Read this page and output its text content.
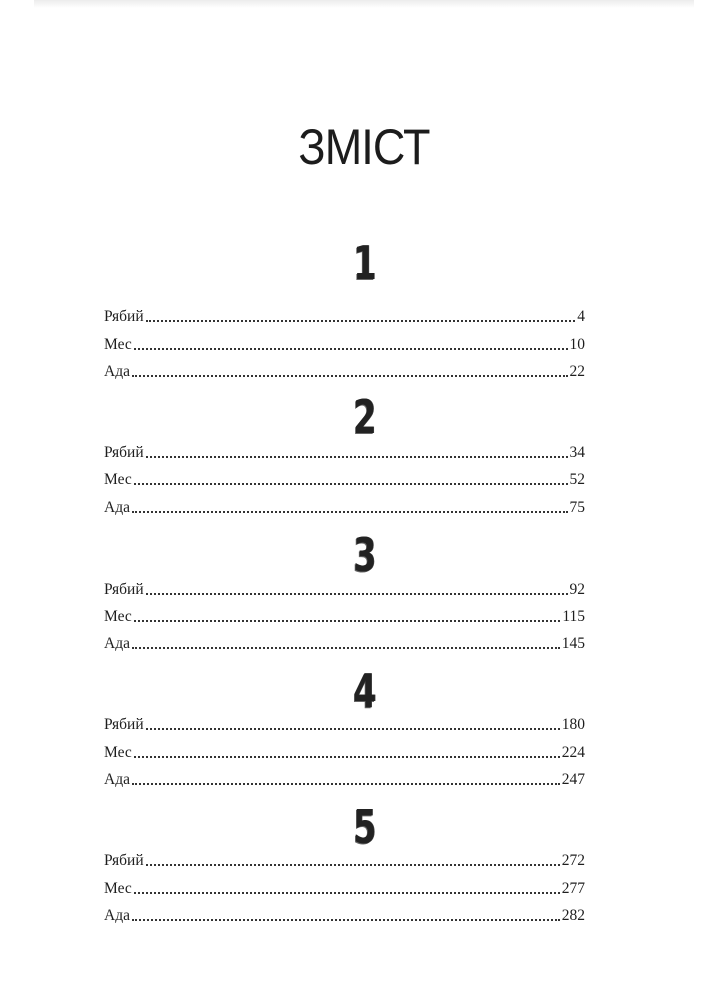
ЗМІСТ
1
Рябий	4
Мес	10
Ада	22
2
Рябий	34
Мес	52
Ада	75
3
Рябий	92
Мес	115
Ада	145
4
Рябий	180
Мес	224
Ада	247
5
Рябий	272
Мес	277
Ада	282
